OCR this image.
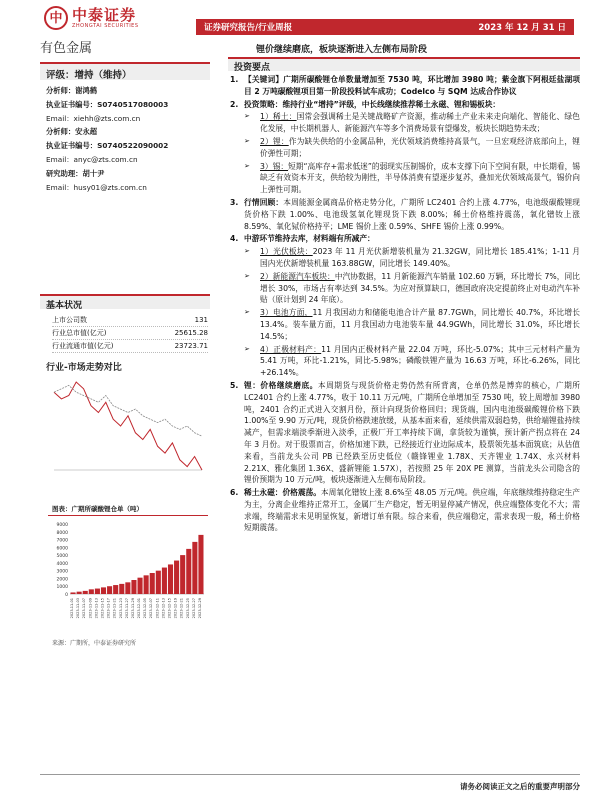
中 中泰证券
ZHONGTAI SECURITIES
有色金属
证券研究报告/行业周报	2023 年 12 月 31 日
锂价继续磨底，板块逐渐进入左侧布局阶段
评级：增持（维持）
分析师：谢鸿鹤
执业证书编号：S0740517080003
Email：xiehh@zts.com.cn
分析师：安永超
执业证书编号：S0740522090002
Email：anyc@zts.com.cn
研究助理：胡十尹
Email：husy01@zts.com.cn
基本状况
上市公司数	131
行业总市值(亿元)	25615.28
行业流通市值(亿元)	23723.71
行业-市场走势对比
图表：广期所碳酸锂仓单（吨）
9000
8000
7000
6000
5000
4000
3000
2000
1000
0
2023-11-01 2023-11-03 2023-11-07 2023-11-09 2023-11-13 2023-11-15 2023-11-17 2023-11-21 2023-11-23 2023-11-27 2023-11-29 2023-12-01 2023-12-05 2023-12-07 2023-12-11 2023-12-13 2023-12-15 2023-12-19 2023-12-21 2023-12-25 2023-12-27 2023-12-29
来源：广期所，中泰证券研究所
投资要点
1. 【关键词】广期所碳酸锂仓单数量增加至 7530 吨，环比增加 3980 吨；紫金旗下阿根廷盐湖项目 2 万吨碳酸锂项目第一阶段投料试车成功；Codelco 与 SQM 达成合作协议
2. 投资策略：维持行业“增持”评级，中长线继续推荐稀土永磁、锂和锡板块：
➢ 1）稀土：国常会强调稀土是关键战略矿产资源，推动稀土产业未来走向端化、智能化、绿色化发展，中长期机器人、新能源汽车等多个消费场景有望爆发，板块长期趋势未改；
➢ 2）锂：作为缺失供给的小金属品种，光伏领域消费维持高景气，一旦宏观经济底部向上，锂价弹性可期；
➢ 3）锡：短期“高库存+需求低迷”的弱现实压制锡价，成本支撑下向下空间有限，中长期看，锡缺乏有效资本开支，供给较为刚性，半导体消费有望逐步复苏，叠加光伏领域高景气，锡价向上弹性可期。
3. 行情回顾：本周能源金属商品价格走势分化，广期所 LC2401 合约上涨 4.77%，电池级碳酸锂现货价格下跌 1.00%、电池级氢氧化锂现货下跌 8.00%；稀土价格维持震荡，氧化镨钕上涨 8.59%、氧化铽价格持平；LME 锡价上涨 0.59%、SHFE 锡价上涨 0.99%。
4. 中游环节维持去库，材料端有所减产：
➢ 1）光伏板块：2023 年 11 月光伏新增装机量为 21.32GW，同比增长 185.41%；1-11 月国内光伏新增装机量 163.88GW，同比增长 149.40%。
➢ 2）新能源汽车板块：中汽协数据，11 月新能源汽车销量 102.60 万辆，环比增长 7%，同比增长 30%，市场占有率达到 34.5%。为应对预算缺口，德国政府决定提前终止对电动汽车补贴（原计划到 24 年底）。
➢ 3）电池方面，11 月我国动力和储能电池合计产量 87.7GWh，同比增长 40.7%，环比增长 13.4%。装车量方面，11 月我国动力电池装车量 44.9GWh，同比增长 31.0%，环比增长 14.5%；
➢ 4）正极材料产：11 月国内正极材料产量 22.04 万吨，环比-5.07%；其中三元材料产量为 5.41 万吨，环比-1.21%，同比-5.98%；磷酸铁锂产量为 16.63 万吨，环比-6.26%，同比+26.14%。
5. 锂：价格继续磨底。本周期货与现货价格走势仍然有所背离，仓单仍然是博弈的核心，广期所 LC2401 合约上涨 4.77%，收于 10.11 万元/吨，广期所仓单增加至 7530 吨，较上周增加 3980 吨，2401 合约正式进入交割月份，预计向现货价格回归；现货端，国内电池级碳酸锂价格下跌 1.00%至 9.90 万元/吨，现货价格跌速放缓，从基本面来看，延续供需双弱趋势，供给端锂盐持续减产，但需求端淡季渐进入淡季，正极厂开工率持续下调，拿货较为谨慎，预计新产拐点将在 24 年 3 月份。对于股票而言，价格加速下跌，已经接近行业边际成本，股票领先基本面筑底；从估值来看，当前龙头公司 PB 已经跌至历史低位（赣锋锂业 1.78X、天齐锂业 1.74X、永兴材料 2.21X、雅化集团 1.36X、盛新锂能 1.57X），若按照 25 年 20X PE 测算，当前龙头公司隐含的锂价预期为 10 万元/吨，板块逐渐进入左侧布局阶段。
6. 稀土永磁：价格震荡。本周氧化镨钕上涨 8.6%至 48.05 万元/吨。供应端，年底继续维持稳定生产为主，分离企业维持正常开工，金属厂生产稳定，暂无明显停减产情况，供应端整体变化不大；需求端，终端需求未见明显恢复，新增订单有限。综合来看，供应端稳定，需求表现一般，稀土价格短期震荡。
请务必阅读正文之后的重要声明部分
